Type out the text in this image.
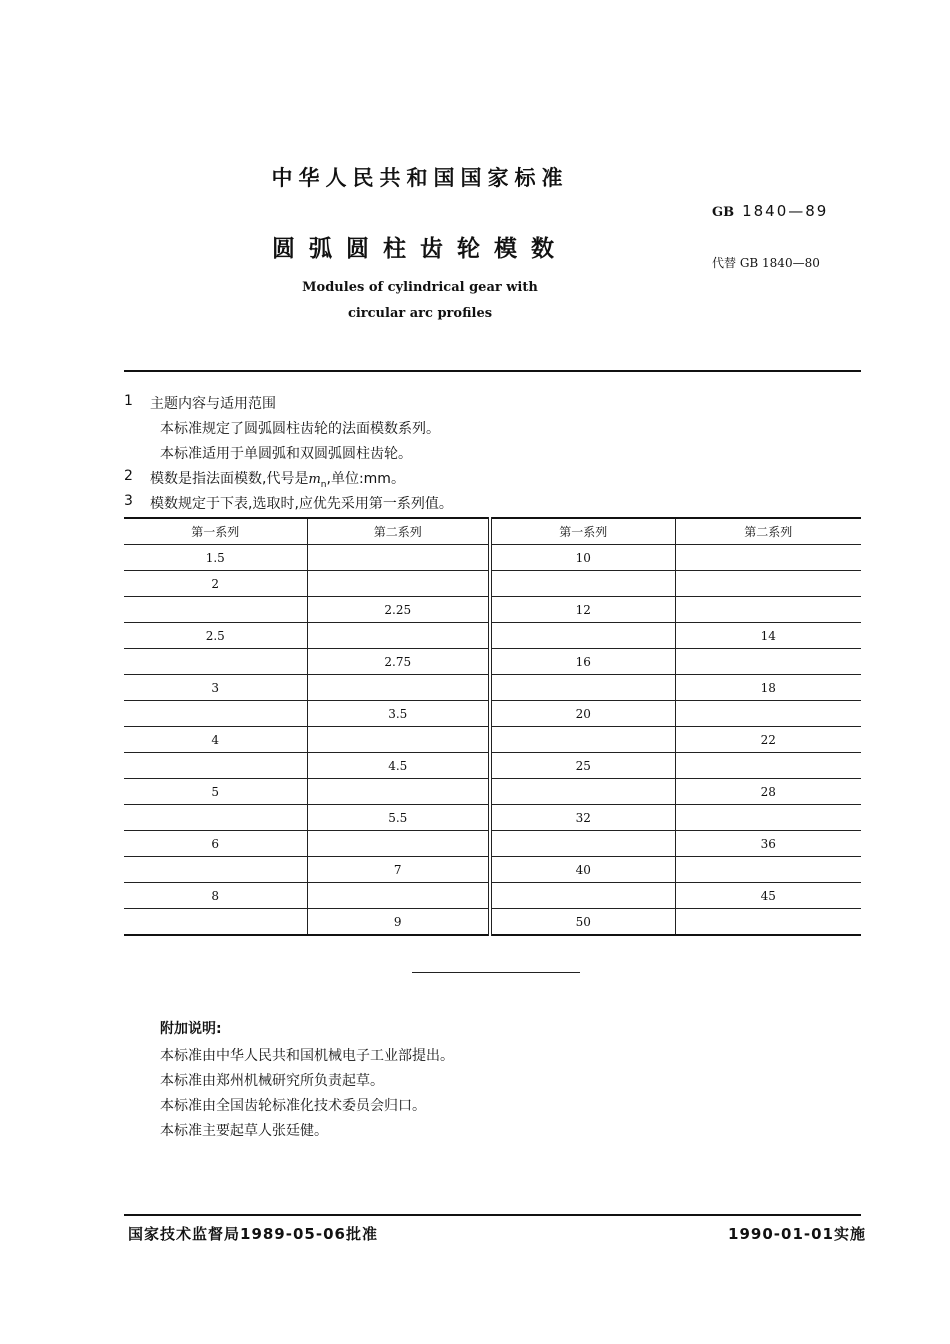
中华人民共和国国家标准
GB 1840—89
圆弧圆柱齿轮模数
代替 GB 1840—80
Modules of cylindrical gear with
circular arc profiles
1 主题内容与适用范围
本标准规定了圆弧圆柱齿轮的法面模数系列。
本标准适用于单圆弧和双圆弧圆柱齿轮。
2 模数是指法面模数,代号是$m_n$,单位:mm。
3 模数规定于下表,选取时,应优先采用第一系列值。
第一系列	第二系列	第一系列	第二系列
1.5		10	
2			
	2.25	12	
2.5			14
	2.75	16	
3			18
	3.5	20	
4			22
	4.5	25	
5			28
	5.5	32	
6			36
	7	40	
8			45
	9	50	
附加说明:
本标准由中华人民共和国机械电子工业部提出。
本标准由郑州机械研究所负责起草。
本标准由全国齿轮标准化技术委员会归口。
本标准主要起草人张廷健。
国家技术监督局1989-05-06批准	1990-01-01实施
